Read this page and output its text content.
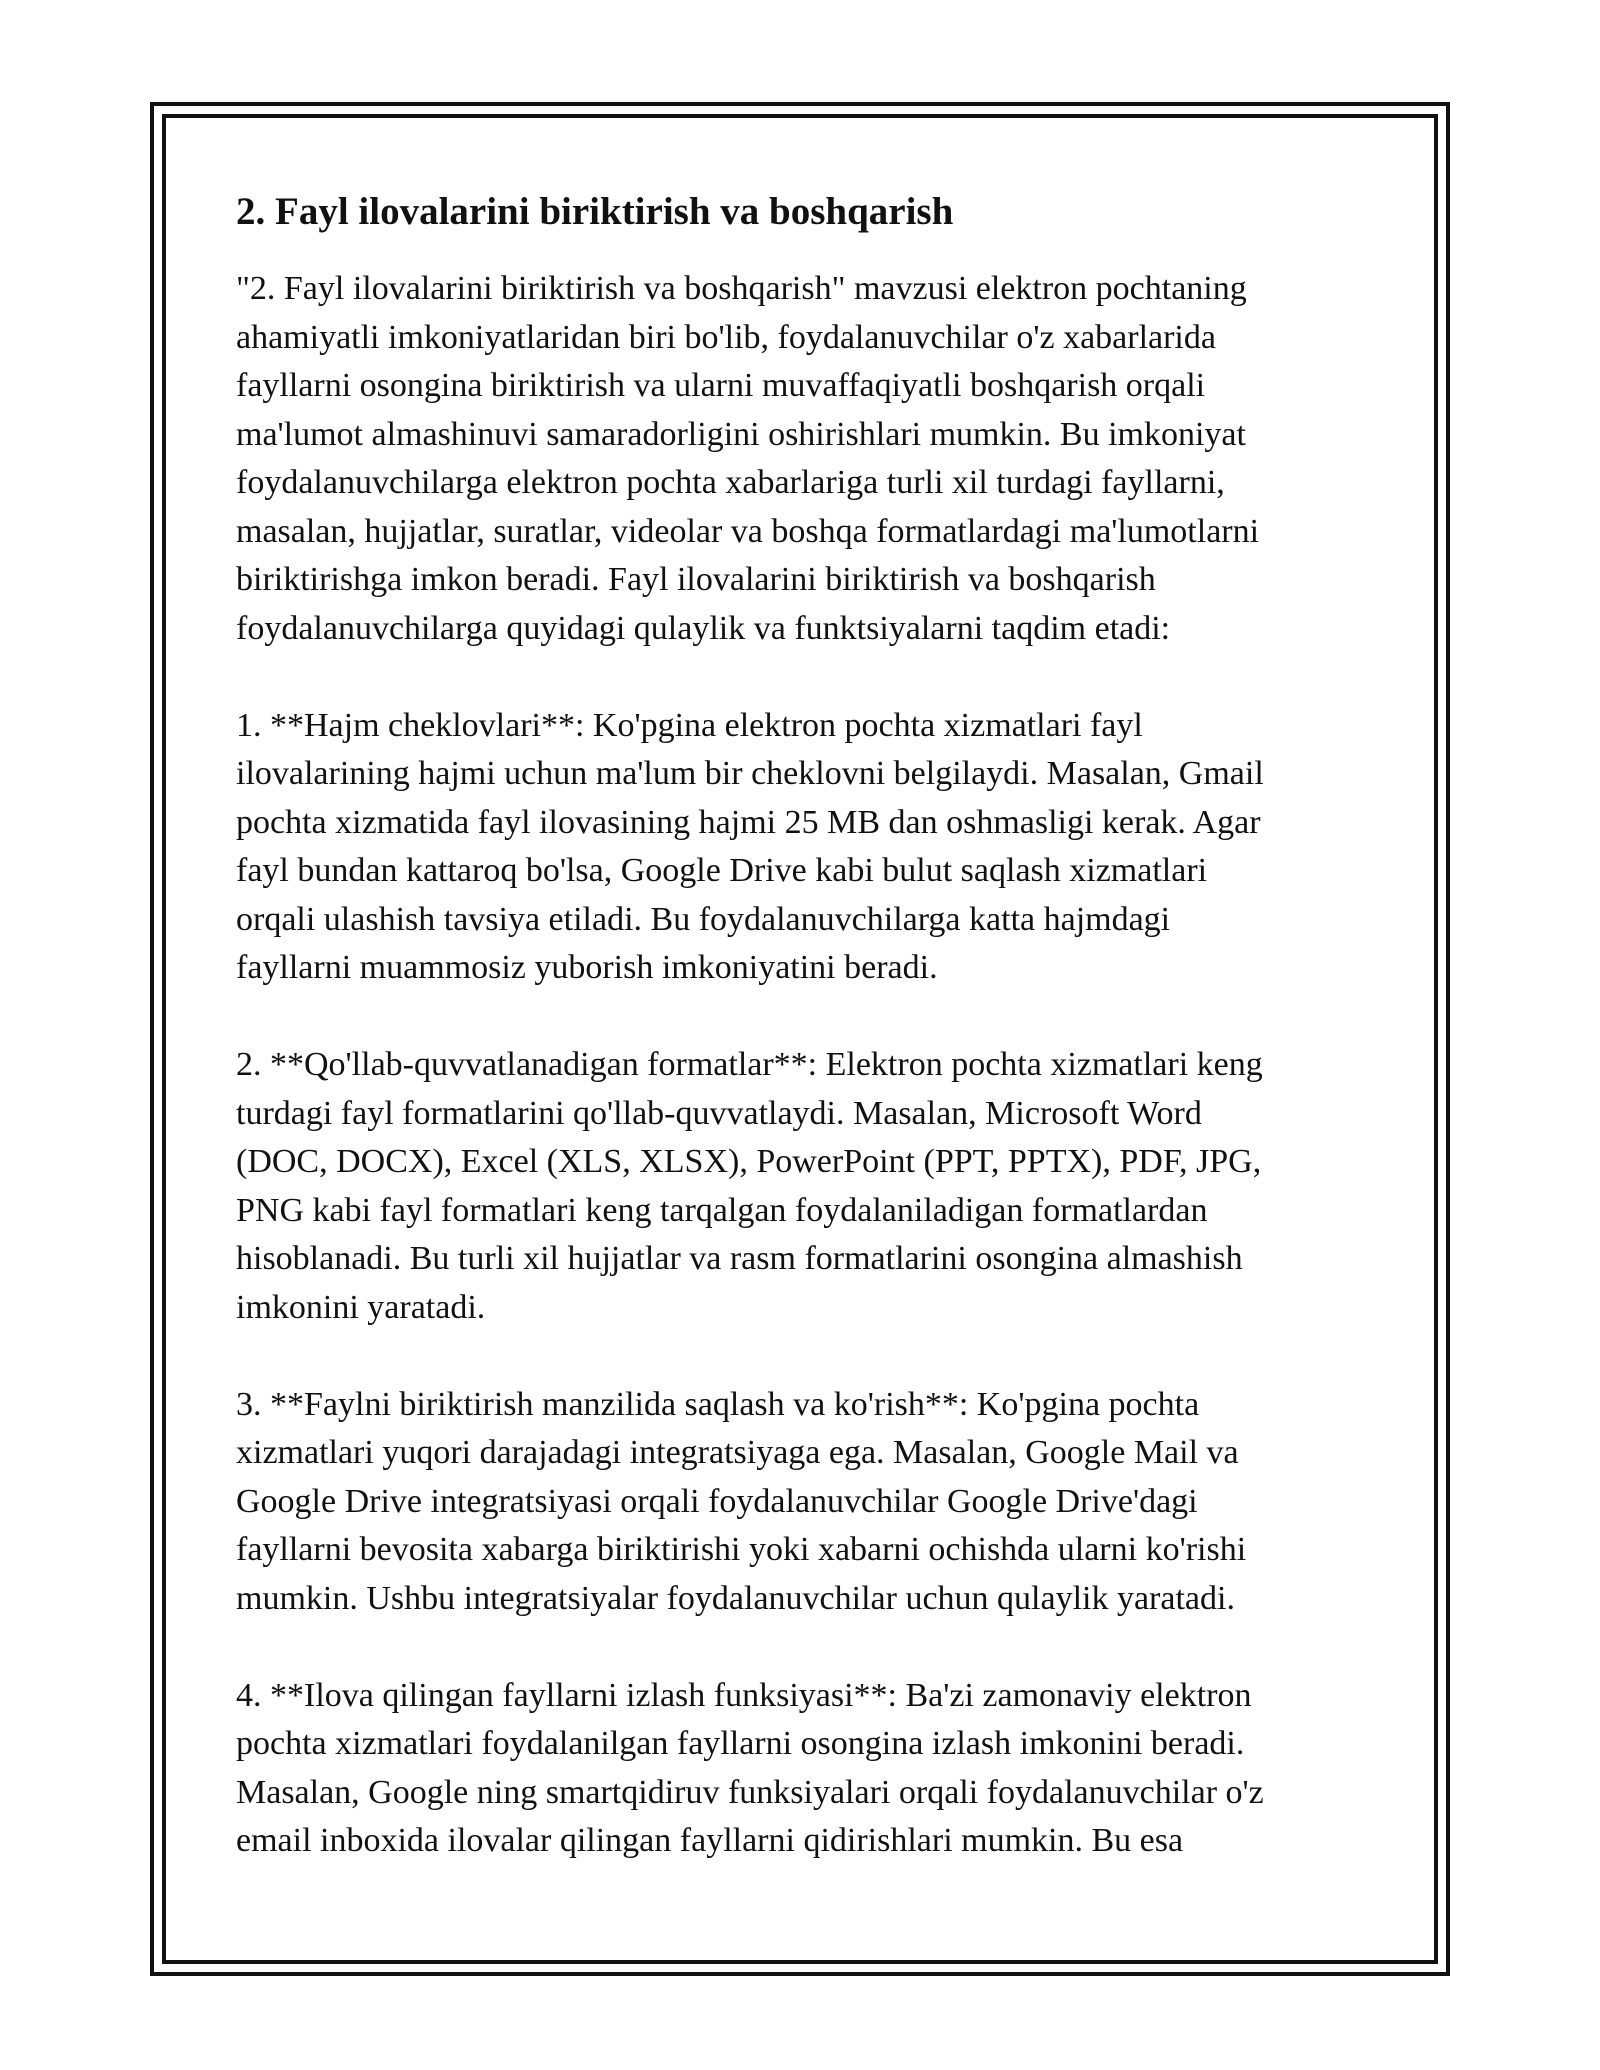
2. Fayl ilovalarini biriktirish va boshqarish

"2. Fayl ilovalarini biriktirish va boshqarish" mavzusi elektron pochtaning
ahamiyatli imkoniyatlaridan biri bo'lib, foydalanuvchilar o'z xabarlarida
fayllarni osongina biriktirish va ularni muvaffaqiyatli boshqarish orqali
ma'lumot almashinuvi samaradorligini oshirishlari mumkin. Bu imkoniyat
foydalanuvchilarga elektron pochta xabarlariga turli xil turdagi fayllarni,
masalan, hujjatlar, suratlar, videolar va boshqa formatlardagi ma'lumotlarni
biriktirishga imkon beradi. Fayl ilovalarini biriktirish va boshqarish
foydalanuvchilarga quyidagi qulaylik va funktsiyalarni taqdim etadi:

1. **Hajm cheklovlari**: Ko'pgina elektron pochta xizmatlari fayl
ilovalarining hajmi uchun ma'lum bir cheklovni belgilaydi. Masalan, Gmail
pochta xizmatida fayl ilovasining hajmi 25 MB dan oshmasligi kerak. Agar
fayl bundan kattaroq bo'lsa, Google Drive kabi bulut saqlash xizmatlari
orqali ulashish tavsiya etiladi. Bu foydalanuvchilarga katta hajmdagi
fayllarni muammosiz yuborish imkoniyatini beradi.

2. **Qo'llab-quvvatlanadigan formatlar**: Elektron pochta xizmatlari keng
turdagi fayl formatlarini qo'llab-quvvatlaydi. Masalan, Microsoft Word
(DOC, DOCX), Excel (XLS, XLSX), PowerPoint (PPT, PPTX), PDF, JPG,
PNG kabi fayl formatlari keng tarqalgan foydalaniladigan formatlardan
hisoblanadi. Bu turli xil hujjatlar va rasm formatlarini osongina almashish
imkonini yaratadi.

3. **Faylni biriktirish manzilida saqlash va ko'rish**: Ko'pgina pochta
xizmatlari yuqori darajadagi integratsiyaga ega. Masalan, Google Mail va
Google Drive integratsiyasi orqali foydalanuvchilar Google Drive'dagi
fayllarni bevosita xabarga biriktirishi yoki xabarni ochishda ularni ko'rishi
mumkin. Ushbu integratsiyalar foydalanuvchilar uchun qulaylik yaratadi.

4. **Ilova qilingan fayllarni izlash funksiyasi**: Ba'zi zamonaviy elektron
pochta xizmatlari foydalanilgan fayllarni osongina izlash imkonini beradi.
Masalan, Google ning smartqidiruv funksiyalari orqali foydalanuvchilar o'z
email inboxida ilovalar qilingan fayllarni qidirishlari mumkin. Bu esa
